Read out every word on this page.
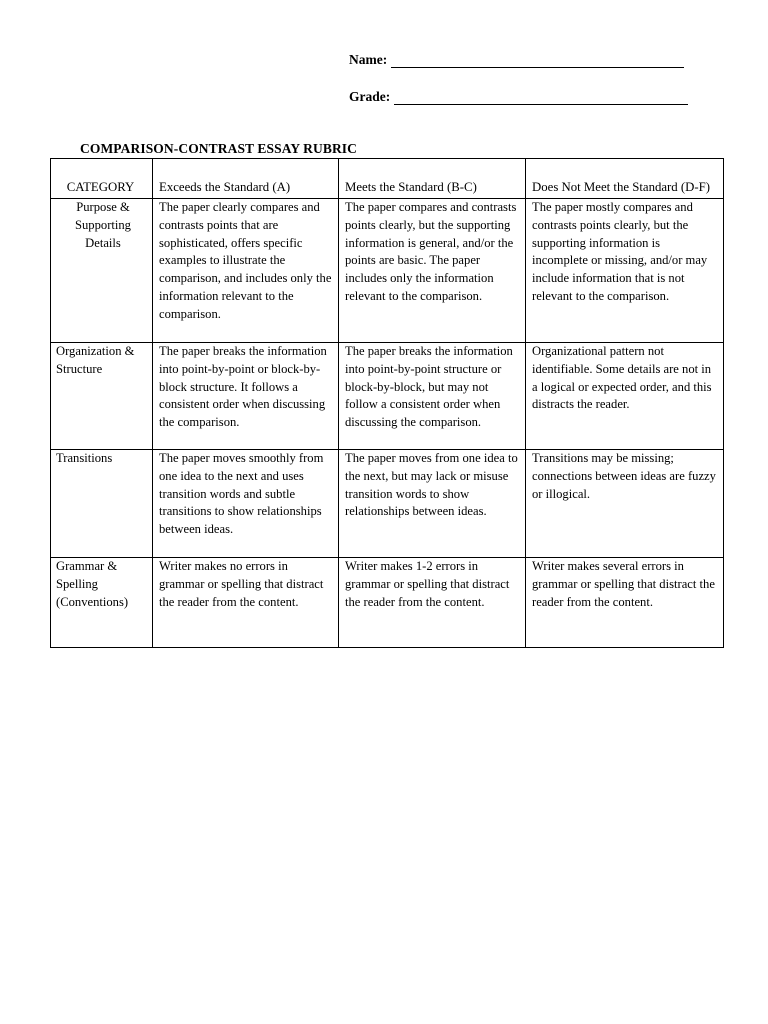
Name:
Grade:
COMPARISON-CONTRAST ESSAY RUBRIC
CATEGORY	Exceeds the Standard (A)	Meets the Standard (B-C)	Does Not Meet the Standard (D-F)
Purpose & Supporting Details	The paper clearly compares and contrasts points that are sophisticated, offers specific examples to illustrate the comparison, and includes only the information relevant to the comparison.	The paper compares and contrasts points clearly, but the supporting information is general, and/or the points are basic. The paper includes only the information relevant to the comparison.	The paper mostly compares and contrasts points clearly, but the supporting information is incomplete or missing, and/or may include information that is not relevant to the comparison.
Organization & Structure	The paper breaks the information into point-by-point or block-by-block structure. It follows a consistent order when discussing the comparison.	The paper breaks the information into point-by-point structure or block-by-block, but may not follow a consistent order when discussing the comparison.	Organizational pattern not identifiable. Some details are not in a logical or expected order, and this distracts the reader.
Transitions	The paper moves smoothly from one idea to the next and uses transition words and subtle transitions to show relationships between ideas.	The paper moves from one idea to the next, but may lack or misuse transition words to show relationships between ideas.	Transitions may be missing; connections between ideas are fuzzy or illogical.
Grammar & Spelling (Conventions)	Writer makes no errors in grammar or spelling that distract the reader from the content.	Writer makes 1-2 errors in grammar or spelling that distract the reader from the content.	Writer makes several errors in grammar or spelling that distract the reader from the content.
